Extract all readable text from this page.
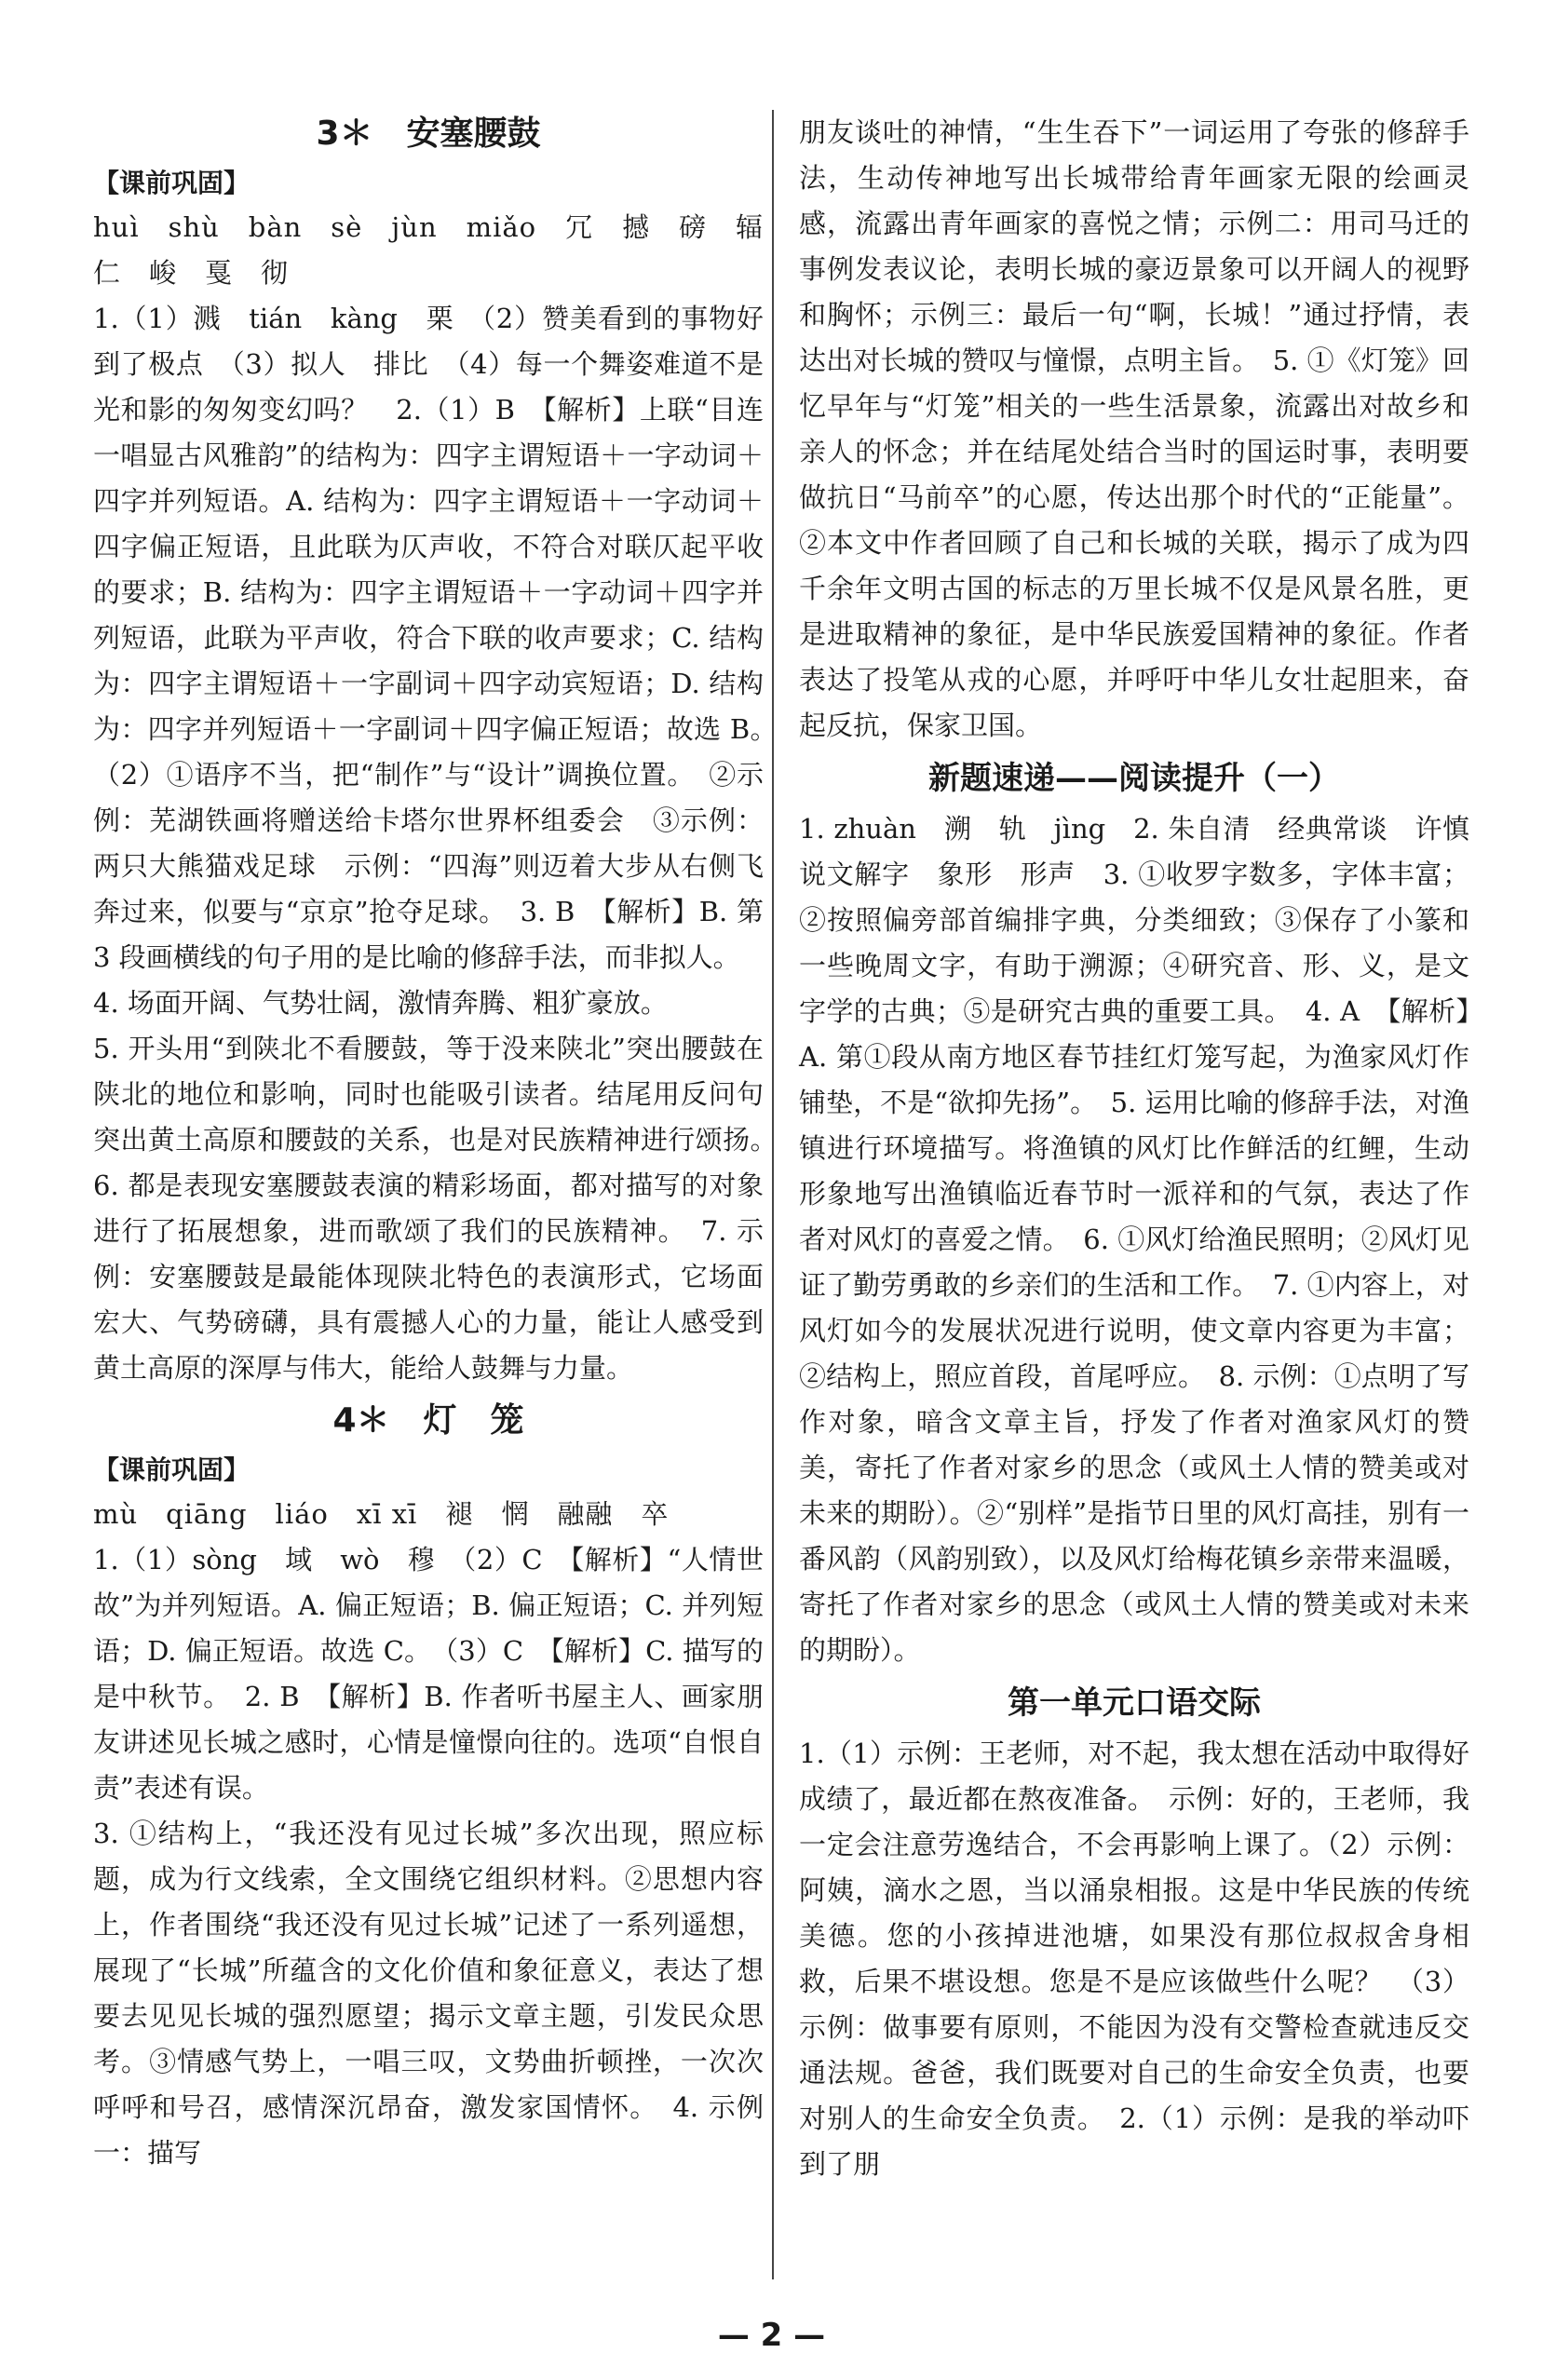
3＊　安塞腰鼓
【课前巩固】

huì　shù　bàn　sè　jùn　miǎo　冗　撼　磅　辐　仁　峻　戛　彻

1.（1）溅　tián　kàng　栗　（2）赞美看到的事物好到了极点　（3）拟人　排比　（4）每一个舞姿难道不是光和影的匆匆变幻吗？　2.（1）B　【解析】上联“目连一唱显古风雅韵”的结构为：四字主谓短语＋一字动词＋四字并列短语。A. 结构为：四字主谓短语＋一字动词＋四字偏正短语，且此联为仄声收，不符合对联仄起平收的要求；B. 结构为：四字主谓短语＋一字动词＋四字并列短语，此联为平声收，符合下联的收声要求；C. 结构为：四字主谓短语＋一字副词＋四字动宾短语；D. 结构为：四字并列短语＋一字副词＋四字偏正短语；故选 B。　（2）①语序不当，把“制作”与“设计”调换位置。　②示例：芜湖铁画将赠送给卡塔尔世界杯组委会　③示例：两只大熊猫戏足球　示例：“四海”则迈着大步从右侧飞奔过来，似要与“京京”抢夺足球。　3. B　【解析】B. 第 3 段画横线的句子用的是比喻的修辞手法，而非拟人。

4. 场面开阔、气势壮阔，激情奔腾、粗犷豪放。

5. 开头用“到陕北不看腰鼓，等于没来陕北”突出腰鼓在陕北的地位和影响，同时也能吸引读者。结尾用反问句突出黄土高原和腰鼓的关系，也是对民族精神进行颂扬。　6. 都是表现安塞腰鼓表演的精彩场面，都对描写的对象进行了拓展想象，进而歌颂了我们的民族精神。　7. 示例：安塞腰鼓是最能体现陕北特色的表演形式，它场面宏大、气势磅礴，具有震撼人心的力量，能让人感受到黄土高原的深厚与伟大，能给人鼓舞与力量。

4＊　灯　笼
【课前巩固】

mù　qiāng　liáo　xī xī　褪　惘　融融　卒

1.（1）sòng　域　wò　穆　（2）C　【解析】“人情世故”为并列短语。A. 偏正短语；B. 偏正短语；C. 并列短语；D. 偏正短语。故选 C。　（3）C　【解析】C. 描写的是中秋节。　2. B　【解析】B. 作者听书屋主人、画家朋友讲述见长城之感时，心情是憧憬向往的。选项“自恨自责”表述有误。

3. ①结构上，“我还没有见过长城”多次出现，照应标题，成为行文线索，全文围绕它组织材料。②思想内容上，作者围绕“我还没有见过长城”记述了一系列遥想，展现了“长城”所蕴含的文化价值和象征意义，表达了想要去见见长城的强烈愿望；揭示文章主题，引发民众思考。③情感气势上，一唱三叹，文势曲折顿挫，一次次呼呼和号召，感情深沉昂奋，激发家国情怀。　4. 示例一：描写

朋友谈吐的神情，“生生吞下”一词运用了夸张的修辞手法，生动传神地写出长城带给青年画家无限的绘画灵感，流露出青年画家的喜悦之情；示例二：用司马迁的事例发表议论，表明长城的豪迈景象可以开阔人的视野和胸怀；示例三：最后一句“啊，长城！”通过抒情，表达出对长城的赞叹与憧憬，点明主旨。　5. ①《灯笼》回忆早年与“灯笼”相关的一些生活景象，流露出对故乡和亲人的怀念；并在结尾处结合当时的国运时事，表明要做抗日“马前卒”的心愿，传达出那个时代的“正能量”。②本文中作者回顾了自己和长城的关联，揭示了成为四千余年文明古国的标志的万里长城不仅是风景名胜，更是进取精神的象征，是中华民族爱国精神的象征。作者表达了投笔从戎的心愿，并呼吁中华儿女壮起胆来，奋起反抗，保家卫国。

新题速递——阅读提升（一）

1. zhuàn　溯　轨　jìng　2. 朱自清　经典常谈　许慎　说文解字　象形　形声　3. ①收罗字数多，字体丰富；②按照偏旁部首编排字典，分类细致；③保存了小篆和一些晚周文字，有助于溯源；④研究音、形、义，是文字学的古典；⑤是研究古典的重要工具。　4. A　【解析】A. 第①段从南方地区春节挂红灯笼写起，为渔家风灯作铺垫，不是“欲抑先扬”。　5. 运用比喻的修辞手法，对渔镇进行环境描写。将渔镇的风灯比作鲜活的红鲤，生动形象地写出渔镇临近春节时一派祥和的气氛，表达了作者对风灯的喜爱之情。　6. ①风灯给渔民照明；②风灯见证了勤劳勇敢的乡亲们的生活和工作。　7. ①内容上，对风灯如今的发展状况进行说明，使文章内容更为丰富；②结构上，照应首段，首尾呼应。　8. 示例：①点明了写作对象，暗含文章主旨，抒发了作者对渔家风灯的赞美，寄托了作者对家乡的思念（或风土人情的赞美或对未来的期盼）。②“别样”是指节日里的风灯高挂，别有一番风韵（风韵别致），以及风灯给梅花镇乡亲带来温暖，寄托了作者对家乡的思念（或风土人情的赞美或对未来的期盼）。

第一单元口语交际

1.（1）示例：王老师，对不起，我太想在活动中取得好成绩了，最近都在熬夜准备。　示例：好的，王老师，我一定会注意劳逸结合，不会再影响上课了。（2）示例：阿姨，滴水之恩，当以涌泉相报。这是中华民族的传统美德。您的小孩掉进池塘，如果没有那位叔叔舍身相救，后果不堪设想。您是不是应该做些什么呢？　（3）示例：做事要有原则，不能因为没有交警检查就违反交通法规。爸爸，我们既要对自己的生命安全负责，也要对别人的生命安全负责。　2.（1）示例：是我的举动吓到了朋

— 2 —
